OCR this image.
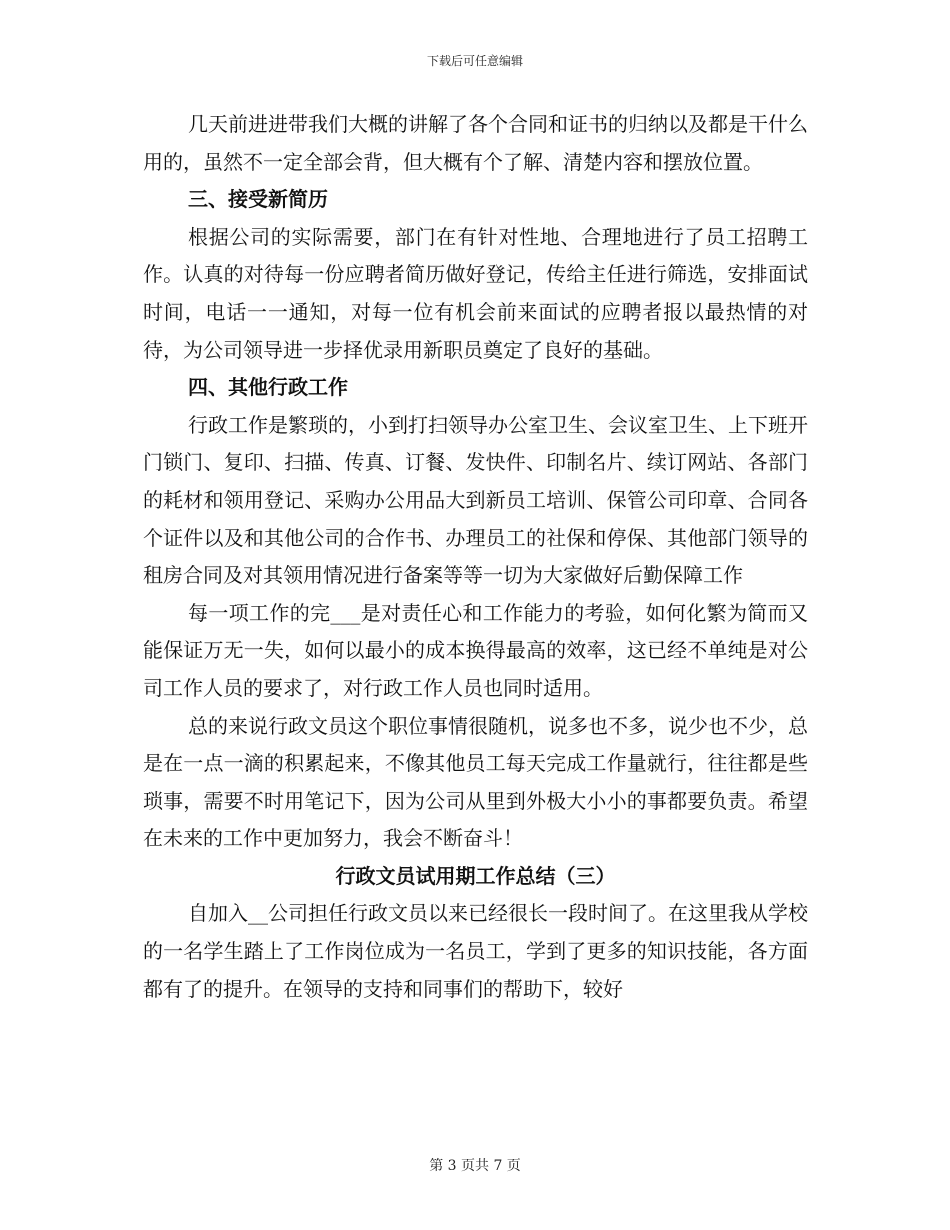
下载后可任意编辑

几天前进进带我们大概的讲解了各个合同和证书的归纳以及都是干什么用的，虽然不一定全部会背，但大概有个了解、清楚内容和摆放位置。

三、接受新简历

根据公司的实际需要，部门在有针对性地、合理地进行了员工招聘工作。认真的对待每一份应聘者简历做好登记，传给主任进行筛选，安排面试时间，电话一一通知，对每一位有机会前来面试的应聘者报以最热情的对待，为公司领导进一步择优录用新职员奠定了良好的基础。

四、其他行政工作

行政工作是繁琐的，小到打扫领导办公室卫生、会议室卫生、上下班开门锁门、复印、扫描、传真、订餐、发快件、印制名片、续订网站、各部门的耗材和领用登记、采购办公用品大到新员工培训、保管公司印章、合同各个证件以及和其他公司的合作书、办理员工的社保和停保、其他部门领导的租房合同及对其领用情况进行备案等等一切为大家做好后勤保障工作

每一项工作的完___是对责任心和工作能力的考验，如何化繁为简而又能保证万无一失，如何以最小的成本换得最高的效率，这已经不单纯是对公司工作人员的要求了，对行政工作人员也同时适用。

总的来说行政文员这个职位事情很随机，说多也不多，说少也不少，总是在一点一滴的积累起来，不像其他员工每天完成工作量就行，往往都是些琐事，需要不时用笔记下，因为公司从里到外极大小小的事都要负责。希望在未来的工作中更加努力，我会不断奋斗！

行政文员试用期工作总结（三）

自加入__公司担任行政文员以来已经很长一段时间了。在这里我从学校的一名学生踏上了工作岗位成为一名员工，学到了更多的知识技能，各方面都有了的提升。在领导的支持和同事们的帮助下，较好

第 3 页共 7 页
